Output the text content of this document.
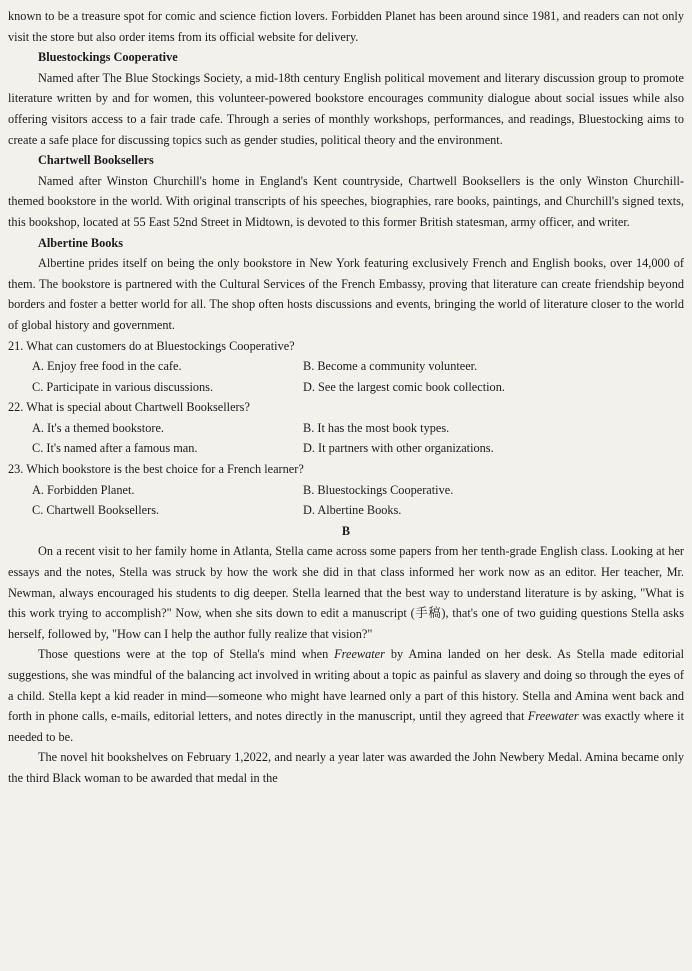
known to be a treasure spot for comic and science fiction lovers. Forbidden Planet has been around since 1981, and readers can not only visit the store but also order items from its official website for delivery.

Bluestockings Cooperative

Named after The Blue Stockings Society, a mid-18th century English political movement and literary discussion group to promote literature written by and for women, this volunteer-powered bookstore encourages community dialogue about social issues while also offering visitors access to a fair trade cafe. Through a series of monthly workshops, performances, and readings, Bluestocking aims to create a safe place for discussing topics such as gender studies, political theory and the environment.

Chartwell Booksellers

Named after Winston Churchill's home in England's Kent countryside, Chartwell Booksellers is the only Winston Churchill-themed bookstore in the world. With original transcripts of his speeches, biographies, rare books, paintings, and Churchill's signed texts, this bookshop, located at 55 East 52nd Street in Midtown, is devoted to this former British statesman, army officer, and writer.

Albertine Books

Albertine prides itself on being the only bookstore in New York featuring exclusively French and English books, over 14,000 of them. The bookstore is partnered with the Cultural Services of the French Embassy, proving that literature can create friendship beyond borders and foster a better world for all. The shop often hosts discussions and events, bringing the world of literature closer to the world of global history and government.

21. What can customers do at Bluestockings Cooperative?

A. Enjoy free food in the cafe.	B. Become a community volunteer.
C. Participate in various discussions.	D. See the largest comic book collection.

22. What is special about Chartwell Booksellers?

A. It's a themed bookstore.	B. It has the most book types.
C. It's named after a famous man.	D. It partners with other organizations.

23. Which bookstore is the best choice for a French learner?

A. Forbidden Planet.	B. Bluestockings Cooperative.
C. Chartwell Booksellers.	D. Albertine Books.

B

On a recent visit to her family home in Atlanta, Stella came across some papers from her tenth-grade English class. Looking at her essays and the notes, Stella was struck by how the work she did in that class informed her work now as an editor. Her teacher, Mr. Newman, always encouraged his students to dig deeper. Stella learned that the best way to understand literature is by asking, "What is this work trying to accomplish?" Now, when she sits down to edit a manuscript (手稿), that's one of two guiding questions Stella asks herself, followed by, "How can I help the author fully realize that vision?"

Those questions were at the top of Stella's mind when Freewater by Amina landed on her desk. As Stella made editorial suggestions, she was mindful of the balancing act involved in writing about a topic as painful as slavery and doing so through the eyes of a child. Stella kept a kid reader in mind—someone who might have learned only a part of this history. Stella and Amina went back and forth in phone calls, e-mails, editorial letters, and notes directly in the manuscript, until they agreed that Freewater was exactly where it needed to be.

The novel hit bookshelves on February 1,2022, and nearly a year later was awarded the John Newbery Medal. Amina became only the third Black woman to be awarded that medal in the
